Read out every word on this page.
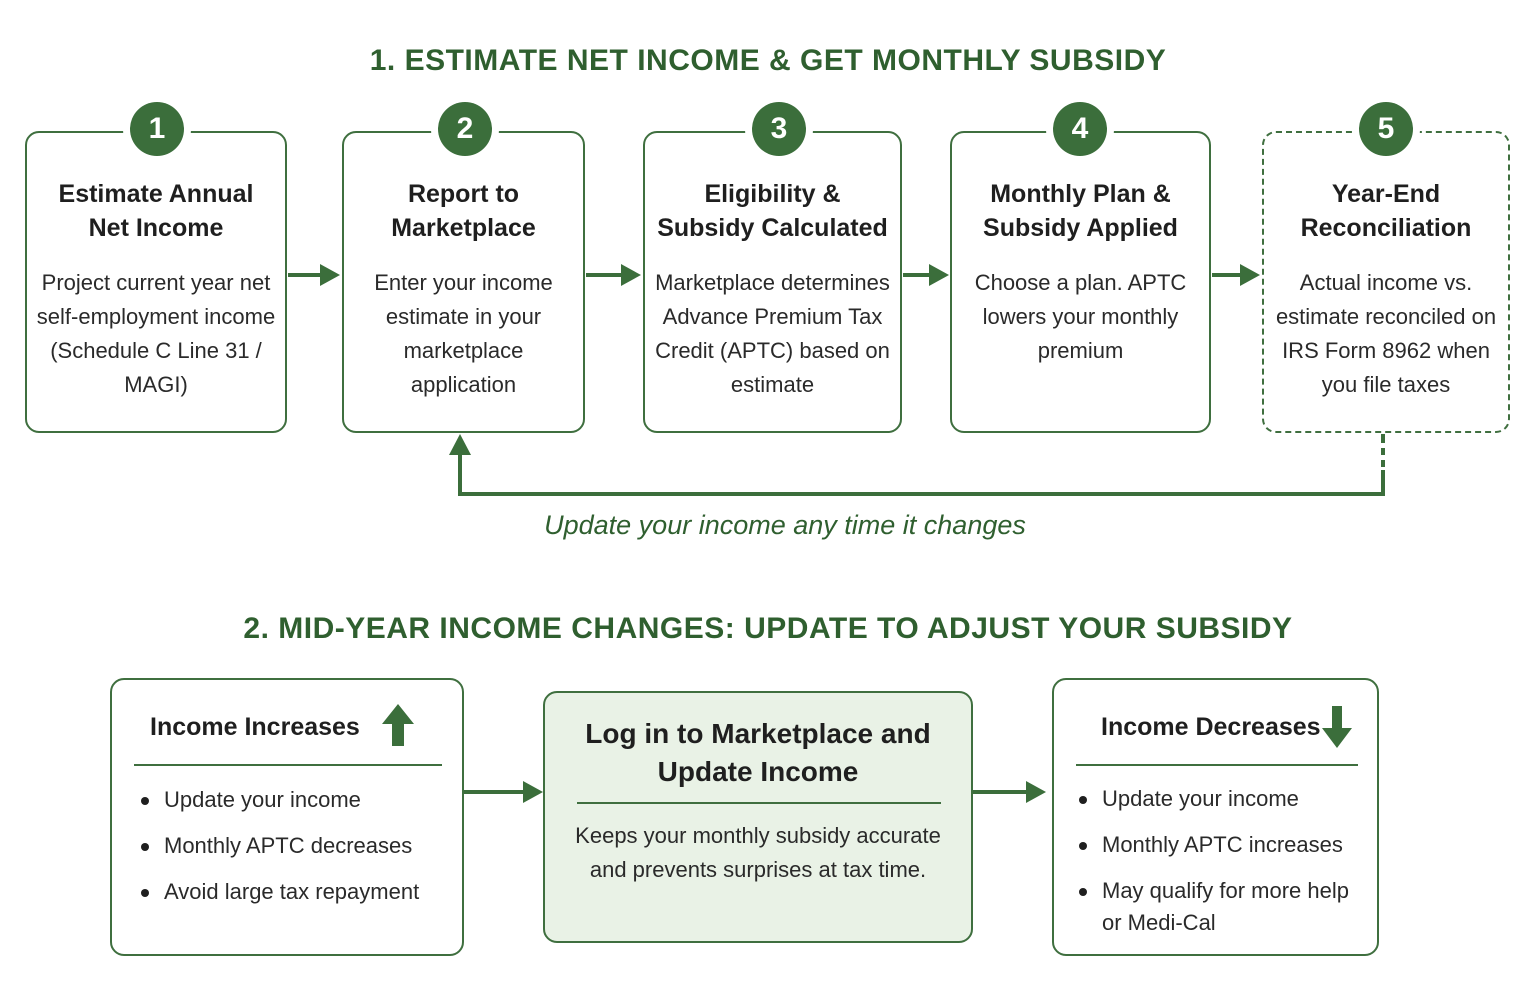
1. ESTIMATE NET INCOME & GET MONTHLY SUBSIDY
Estimate Annual Net Income
Project current year net self-employment income (Schedule C Line 31 / MAGI)
Report to Marketplace
Enter your income estimate in your marketplace application
Eligibility & Subsidy Calculated
Marketplace determines Advance Premium Tax Credit (APTC) based on estimate
Monthly Plan & Subsidy Applied
Choose a plan. APTC lowers your monthly premium
Year-End Reconciliation
Actual income vs. estimate reconciled on IRS Form 8962 when you file taxes
1	2	3	4	5
Update your income any time it changes
2. MID-YEAR INCOME CHANGES: UPDATE TO ADJUST YOUR SUBSIDY
Income Increases
Update your income
Monthly APTC decreases
Avoid large tax repayment
Log in to Marketplace and Update Income
Keeps your monthly subsidy accurate and prevents surprises at tax time.
Income Decreases
Update your income
Monthly APTC increases
May qualify for more help or Medi-Cal
